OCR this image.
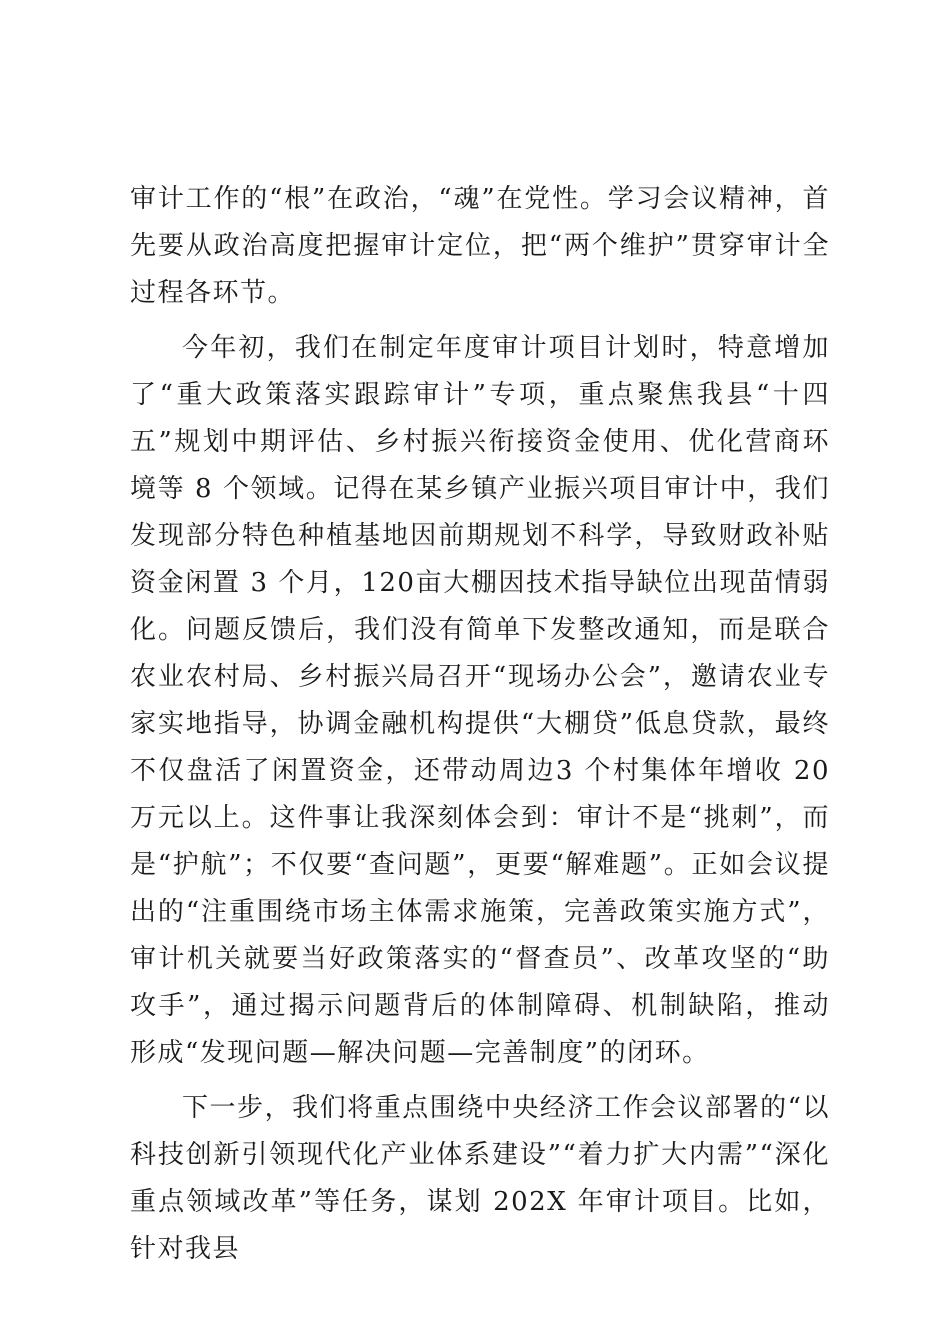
审计工作的“根”在政治，“魂”在党性。学习会议精神，首先要从政治高度把握审计定位，把“两个维护”贯穿审计全过程各环节。

今年初，我们在制定年度审计项目计划时，特意增加了“重大政策落实跟踪审计”专项，重点聚焦我县“十四五”规划中期评估、乡村振兴衔接资金使用、优化营商环境等 8 个领域。记得在某乡镇产业振兴项目审计中，我们发现部分特色种植基地因前期规划不科学，导致财政补贴资金闲置 3 个月，120亩大棚因技术指导缺位出现苗情弱化。问题反馈后，我们没有简单下发整改通知，而是联合农业农村局、乡村振兴局召开“现场办公会”，邀请农业专家实地指导，协调金融机构提供“大棚贷”低息贷款，最终不仅盘活了闲置资金，还带动周边3 个村集体年增收 20 万元以上。这件事让我深刻体会到：审计不是“挑刺”，而是“护航”；不仅要“查问题”，更要“解难题”。正如会议提出的“注重围绕市场主体需求施策，完善政策实施方式”，审计机关就要当好政策落实的“督查员”、改革攻坚的“助攻手”，通过揭示问题背后的体制障碍、机制缺陷，推动形成“发现问题—解决问题—完善制度”的闭环。

下一步，我们将重点围绕中央经济工作会议部署的“以科技创新引领现代化产业体系建设”“着力扩大内需”“深化重点领域改革”等任务，谋划 202X 年审计项目。比如，针对我县
